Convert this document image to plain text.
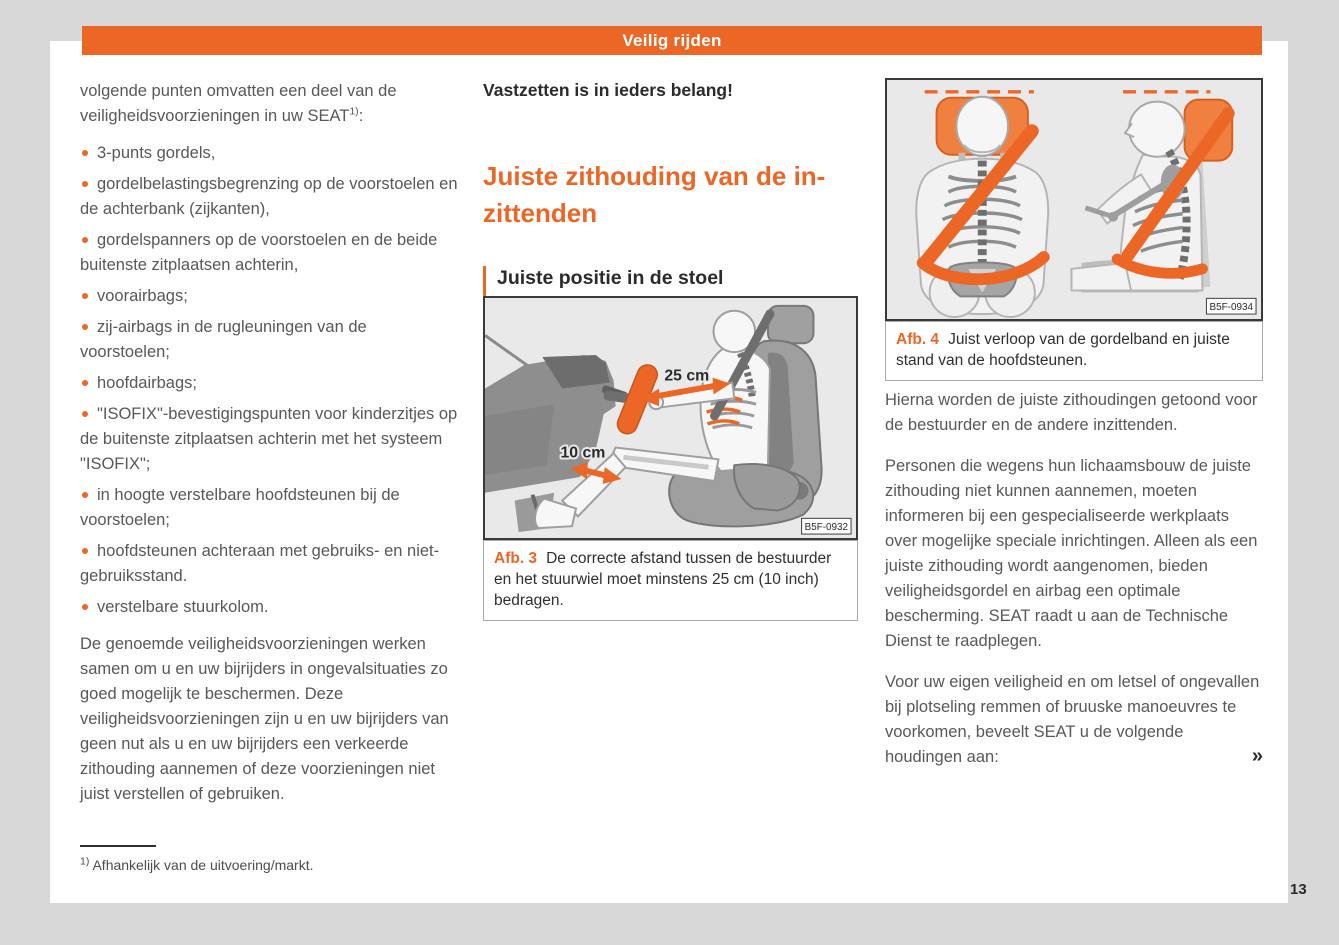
Veilig rijden

volgende punten omvatten een deel van de veiligheidsvoorzieningen in uw SEAT$^{1)}$:

3-punts gordels,

gordelbelastingsbegrenzing op de voorstoelen en de achterbank (zijkanten),

gordelspanners op de voorstoelen en de beide buitenste zitplaatsen achterin,

voorairbags;

zij-airbags in de rugleuningen van de voorstoelen;

hoofdairbags;

"ISOFIX"-bevestigingspunten voor kinderzitjes op de buitenste zitplaatsen achterin met het systeem "ISOFIX";

in hoogte verstelbare hoofdsteunen bij de voorstoelen;

hoofdsteunen achteraan met gebruiks- en niet-gebruiksstand.

verstelbare stuurkolom.

De genoemde veiligheidsvoorzieningen werken samen om u en uw bijrijders in ongevalsituaties zo goed mogelijk te beschermen. Deze veiligheidsvoorzieningen zijn u en uw bijrijders van geen nut als u en uw bijrijders een verkeerde zithouding aannemen of deze voorzieningen niet juist verstellen of gebruiken.

$^{1)}$ Afhankelijk van de uitvoering/markt.

Vastzetten is in ieders belang!

Juiste zithouding van de in-
zittenden
Juiste positie in de stoel
25 cm
10 cm
B5F-0932
Afb. 3 De correcte afstand tussen de bestuurder en het stuurwiel moet minstens 25 cm (10 inch) bedragen.
B5F-0934
Afb. 4 Juist verloop van de gordelband en juiste stand van de hoofdsteunen.

Hierna worden de juiste zithoudingen getoond voor de bestuurder en de andere inzittenden.

Personen die wegens hun lichaamsbouw de juiste zithouding niet kunnen aannemen, moeten informeren bij een gespecialiseerde werkplaats over mogelijke speciale inrichtingen. Alleen als een juiste zithouding wordt aangenomen, bieden veiligheidsgordel en airbag een optimale bescherming. SEAT raadt u aan de Technische Dienst te raadplegen.

Voor uw eigen veiligheid en om letsel of ongevallen bij plotseling remmen of bruuske manoeuvres te voorkomen, beveelt SEAT u de volgende houdingen aan:	»

13
